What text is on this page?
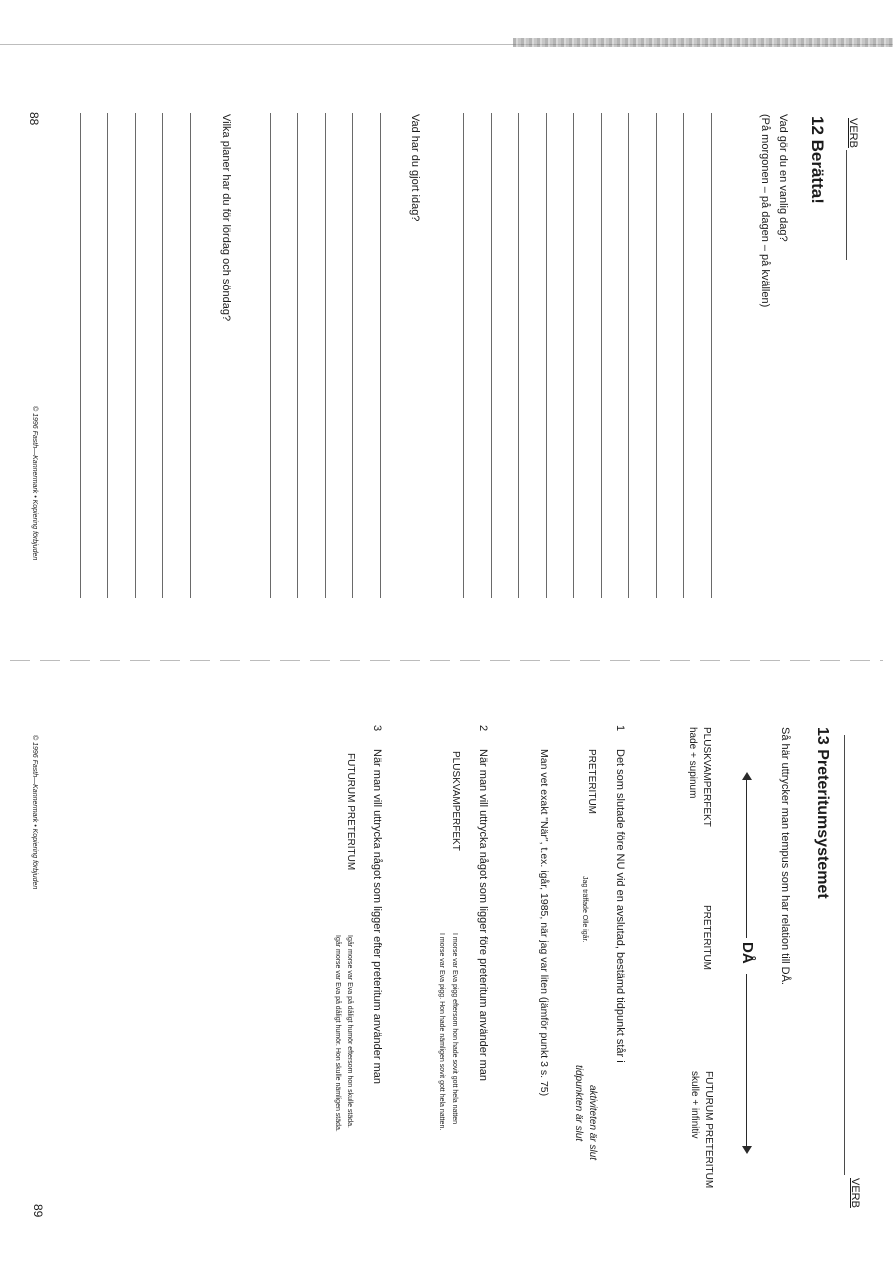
VERB
12 Berätta!
Vad gör du en vanlig dag?
(På morgonen – på dagen – på kvällen)
Vad har du gjort idag?
Vilka planer har du för lördag och söndag?
88
© 1996 Fasth—Kannermark • Kopiering förbjuden
13 Preteritumsystemet
VERB
Så här uttrycker man tempus som har relation till DÅ.
DÅ
PLUSKVAMPERFEKT
hade + supinum
PRETERITUM
FUTURUM PRETERITUM
skulle + infinitiv
1
Det som slutade före NU vid en avslutad, bestämd tidpunkt står i
PRETERITUM
Jag träffade Olle igår.
aktiviteten är slut
tidpunkten är slut
Man vet exakt "När", t.ex. igår, 1985, när jag var liten (jämför punkt 3 s. 75)
2
När man vill uttrycka något som ligger före preteritum använder man
PLUSKVAMPERFEKT
I morse var Eva pigg eftersom hon hade sovit gott hela natten
I morse var Eva pigg. Hon hade nämligen sovit gott hela natten.
3
När man vill uttrycka något som ligger efter preteritum använder man
FUTURUM PRETERITUM
Igår morse var Eva på dåligt humör eftersom hon skulle städa.
Igår morse var Eva på dåligt humör. Hon skulle nämligen städa.
© 1996 Fasth—Kannermark • Kopiering förbjuden
89
